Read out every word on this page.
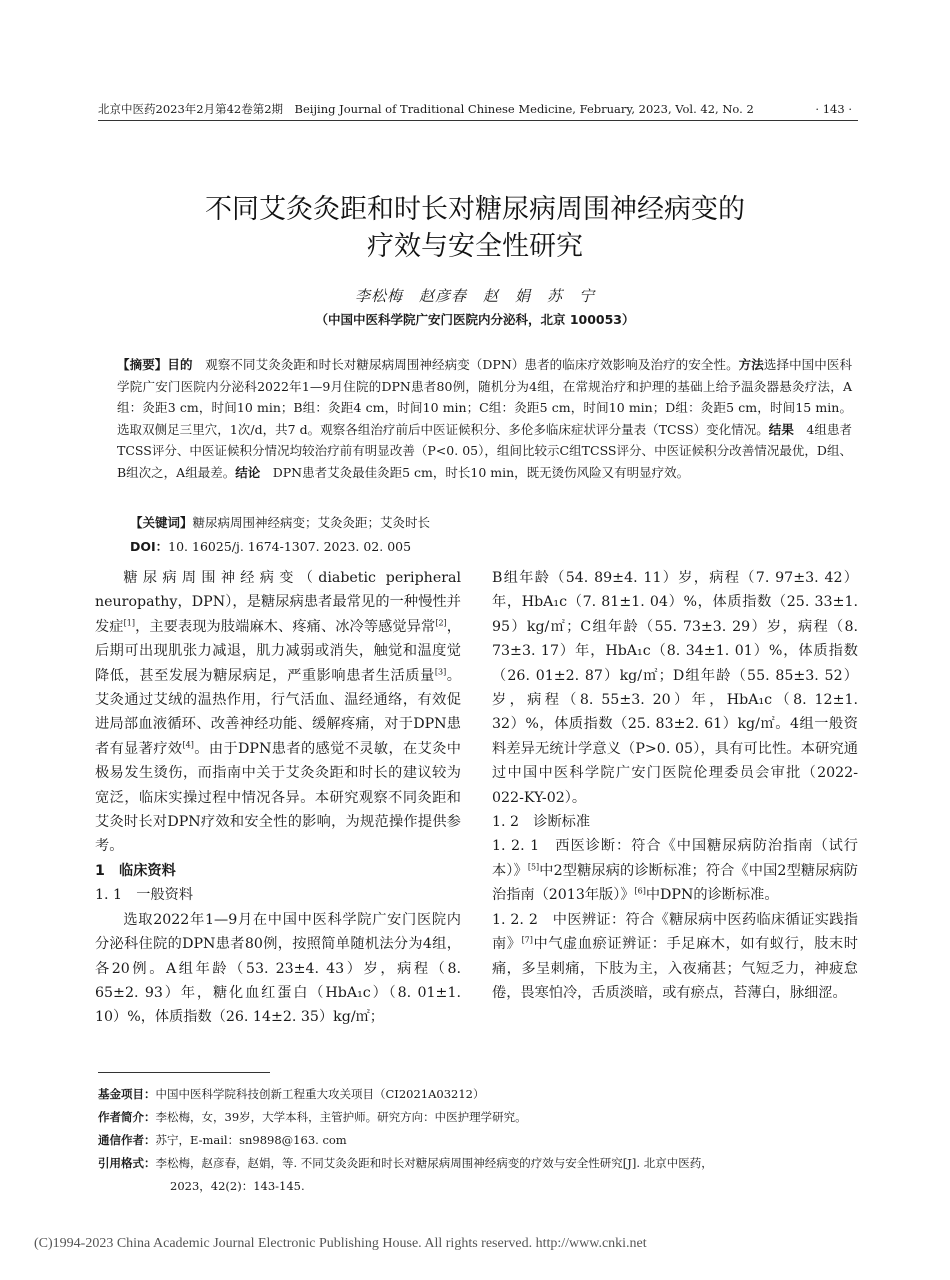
北京中医药2023年2月第42卷第2期　 Beijing Journal of Traditional Chinese Medicine, February, 2023, Vol. 42, No. 2	· 143 ·
不同艾灸灸距和时长对糖尿病周围神经病变的
疗效与安全性研究
李松梅　赵彦春　赵　娟　苏　宁
（中国中医科学院广安门医院内分泌科，北京 100053）
【摘要】目的　 观察不同艾灸灸距和时长对糖尿病周围神经病变（DPN）患者的临床疗效影响及治疗的安全性。方法选择中国中医科学院广安门医院内分泌科2022年1—9月住院的DPN患者80例，随机分为4组，在常规治疗和护理的基础上给予温灸器悬灸疗法，A组：灸距3 cm，时间10 min；B组：灸距4 cm，时间10 min；C组：灸距5 cm，时间10 min；D组：灸距5 cm，时间15 min。选取双侧足三里穴，1次/d，共7 d。观察各组治疗前后中医证候积分、多伦多临床症状评分量表（TCSS）变化情况。结果　 4组患者TCSS评分、中医证候积分情况均较治疗前有明显改善（P<0. 05），组间比较示C组TCSS评分、中医证候积分改善情况最优，D组、B组次之，A组最差。结论　 DPN患者艾灸最佳灸距5 cm，时长10 min，既无烫伤风险又有明显疗效。
【关键词】糖尿病周围神经病变；艾灸灸距；艾灸时长
DOI：10. 16025/j. 1674-1307. 2023. 02. 005

糖尿病周围神经病变（diabetic peripheral neuropathy，DPN），是糖尿病患者最常见的一种慢性并发症[1]，主要表现为肢端麻木、疼痛、冰冷等感觉异常[2]，后期可出现肌张力减退，肌力减弱或消失，触觉和温度觉降低，甚至发展为糖尿病足，严重影响患者生活质量[3]。艾灸通过艾绒的温热作用，行气活血、温经通络，有效促进局部血液循环、改善神经功能、缓解疼痛，对于DPN患者有显著疗效[4]。由于DPN患者的感觉不灵敏，在艾灸中极易发生烫伤，而指南中关于艾灸灸距和时长的建议较为宽泛，临床实操过程中情况各异。本研究观察不同灸距和艾灸时长对DPN疗效和安全性的影响，为规范操作提供参考。

1　临床资料

1. 1　一般资料

选取2022年1—9月在中国中医科学院广安门医院内分泌科住院的DPN患者80例，按照简单随机法分为4组，各20例。A组年龄（53. 23±4. 43）岁，病程（8. 65±2. 93）年，糖化血红蛋白（HbA₁c）（8. 01±1. 10）%，体质指数（26. 14±2. 35）kg/㎡；

B组年龄（54. 89±4. 11）岁，病程（7. 97±3. 42）年，HbA₁c（7. 81±1. 04）%，体质指数（25. 33±1. 95）kg/㎡；C组年龄（55. 73±3. 29）岁，病程（8. 73±3. 17）年，HbA₁c（8. 34±1. 01）%，体质指数（26. 01±2. 87）kg/㎡；D组年龄（55. 85±3. 52）岁，病程（8. 55±3. 20）年，HbA₁c（8. 12±1. 32）%，体质指数（25. 83±2. 61）kg/㎡。4组一般资料差异无统计学意义（P>0. 05），具有可比性。本研究通过中国中医科学院广安门医院伦理委员会审批（2022-022-KY-02）。

1. 2　诊断标准

1. 2. 1　西医诊断：符合《中国糖尿病防治指南（试行本）》[5]中2型糖尿病的诊断标准；符合《中国2型糖尿病防治指南（2013年版）》[6]中DPN的诊断标准。

1. 2. 2　中医辨证：符合《糖尿病中医药临床循证实践指南》[7]中气虚血瘀证辨证：手足麻木，如有蚁行，肢末时痛，多呈刺痛，下肢为主，入夜痛甚；气短乏力，神疲怠倦，畏寒怕冷，舌质淡暗，或有瘀点，苔薄白，脉细涩。

基金项目：中国中医科学院科技创新工程重大攻关项目（CI2021A03212）

作者简介：李松梅，女，39岁，大学本科，主管护师。研究方向：中医护理学研究。

通信作者：苏宁，E-mail：sn9898@163. com

引用格式：李松梅，赵彦春，赵娟，等. 不同艾灸灸距和时长对糖尿病周围神经病变的疗效与安全性研究[J]. 北京中医药，

2023，42(2)：143-145.

(C)1994-2023 China Academic Journal Electronic Publishing House. All rights reserved. http://www.cnki.net
